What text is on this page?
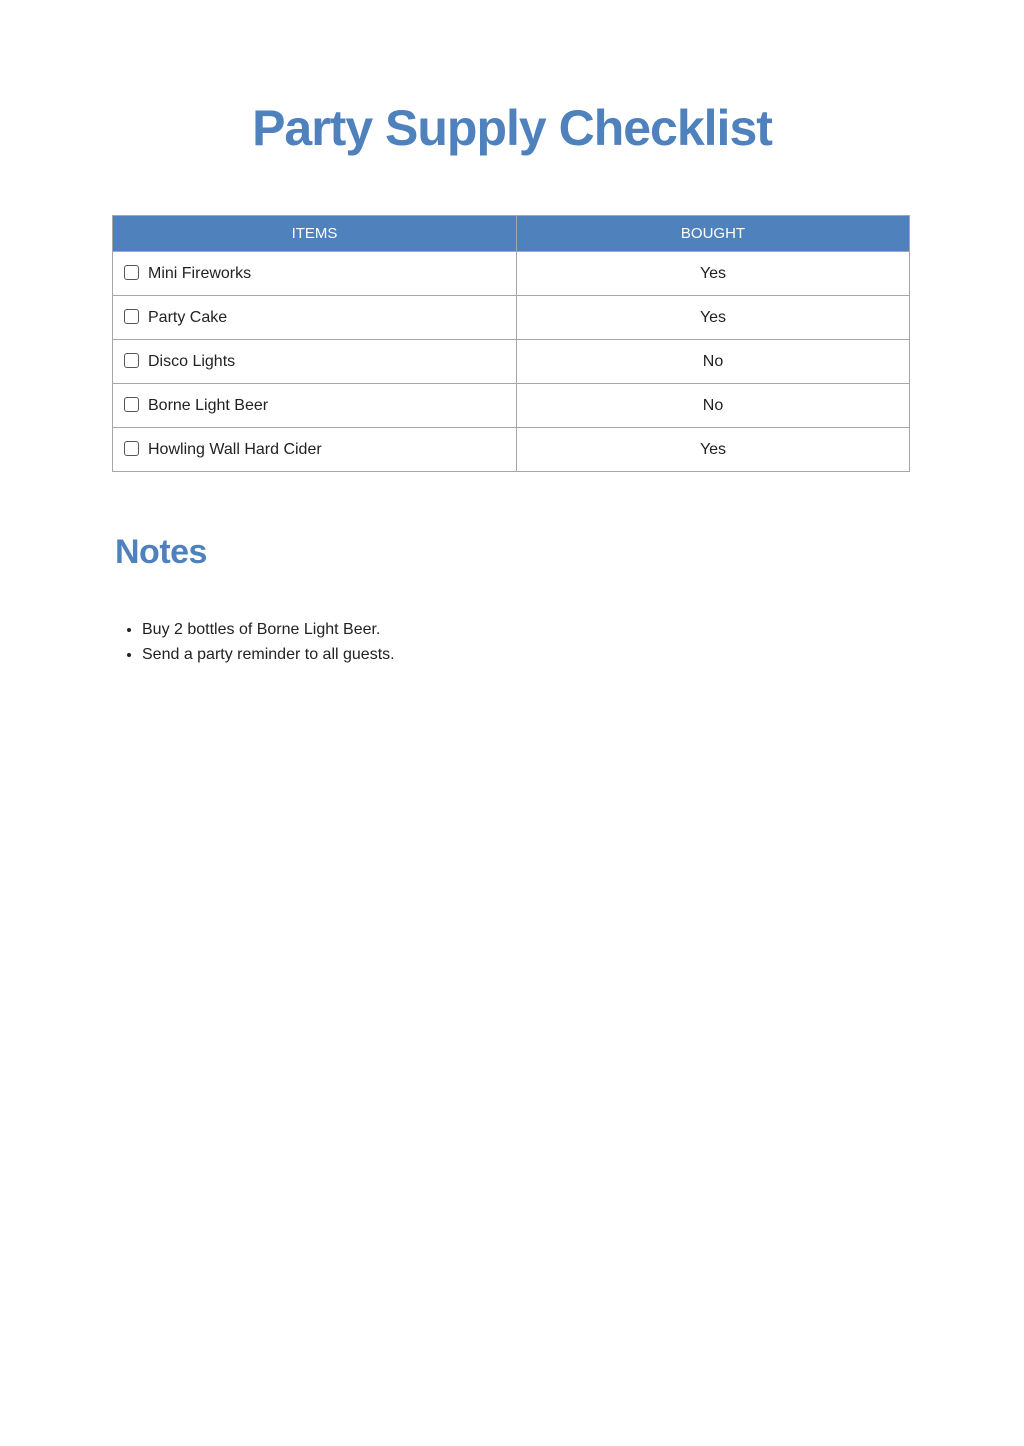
Party Supply Checklist
ITEMS	BOUGHT
Mini Fireworks	Yes
Party Cake	Yes
Disco Lights	No
Borne Light Beer	No
Howling Wall Hard Cider	Yes
Notes
• Buy 2 bottles of Borne Light Beer.
• Send a party reminder to all guests.
